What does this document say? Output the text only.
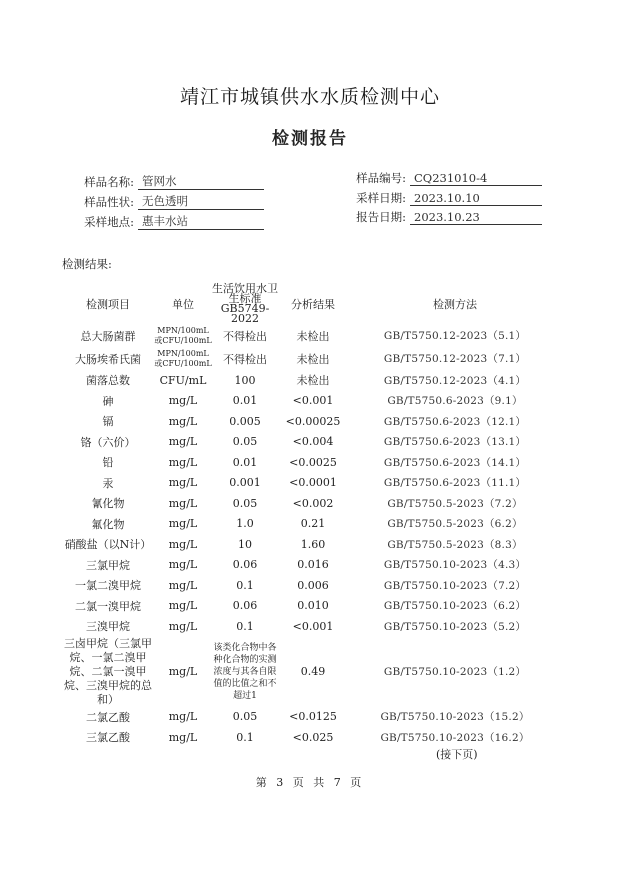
靖江市城镇供水水质检测中心
检测报告
样品名称: 管网水
样品性状: 无色透明
采样地点: 惠丰水站
样品编号: CQ231010-4
采样日期: 2023.10.10
报告日期: 2023.10.23
检测结果:
检测项目	单位	生活饮用水卫生标准GB5749-2022	分析结果	检测方法
总大肠菌群	MPN/100mL或CFU/100mL	不得检出	未检出	GB/T5750.12-2023（5.1）
大肠埃希氏菌	MPN/100mL或CFU/100mL	不得检出	未检出	GB/T5750.12-2023（7.1）
菌落总数	CFU/mL	100	未检出	GB/T5750.12-2023（4.1）
砷	mg/L	0.01	<0.001	GB/T5750.6-2023（9.1）
镉	mg/L	0.005	<0.00025	GB/T5750.6-2023（12.1）
铬（六价）	mg/L	0.05	<0.004	GB/T5750.6-2023（13.1）
铅	mg/L	0.01	<0.0025	GB/T5750.6-2023（14.1）
汞	mg/L	0.001	<0.0001	GB/T5750.6-2023（11.1）
氰化物	mg/L	0.05	<0.002	GB/T5750.5-2023（7.2）
氟化物	mg/L	1.0	0.21	GB/T5750.5-2023（6.2）
硝酸盐（以N计）	mg/L	10	1.60	GB/T5750.5-2023（8.3）
三氯甲烷	mg/L	0.06	0.016	GB/T5750.10-2023（4.3）
一氯二溴甲烷	mg/L	0.1	0.006	GB/T5750.10-2023（7.2）
二氯一溴甲烷	mg/L	0.06	0.010	GB/T5750.10-2023（6.2）
三溴甲烷	mg/L	0.1	<0.001	GB/T5750.10-2023（5.2）
三卤甲烷（三氯甲烷、一氯二溴甲烷、二氯一溴甲烷、三溴甲烷的总和）	mg/L	该类化合物中各种化合物的实测浓度与其各自限值的比值之和不超过1	0.49	GB/T5750.10-2023（1.2）
二氯乙酸	mg/L	0.05	<0.0125	GB/T5750.10-2023（15.2）
三氯乙酸	mg/L	0.1	<0.025	GB/T5750.10-2023（16.2）
(接下页)
第 3 页 共 7 页
